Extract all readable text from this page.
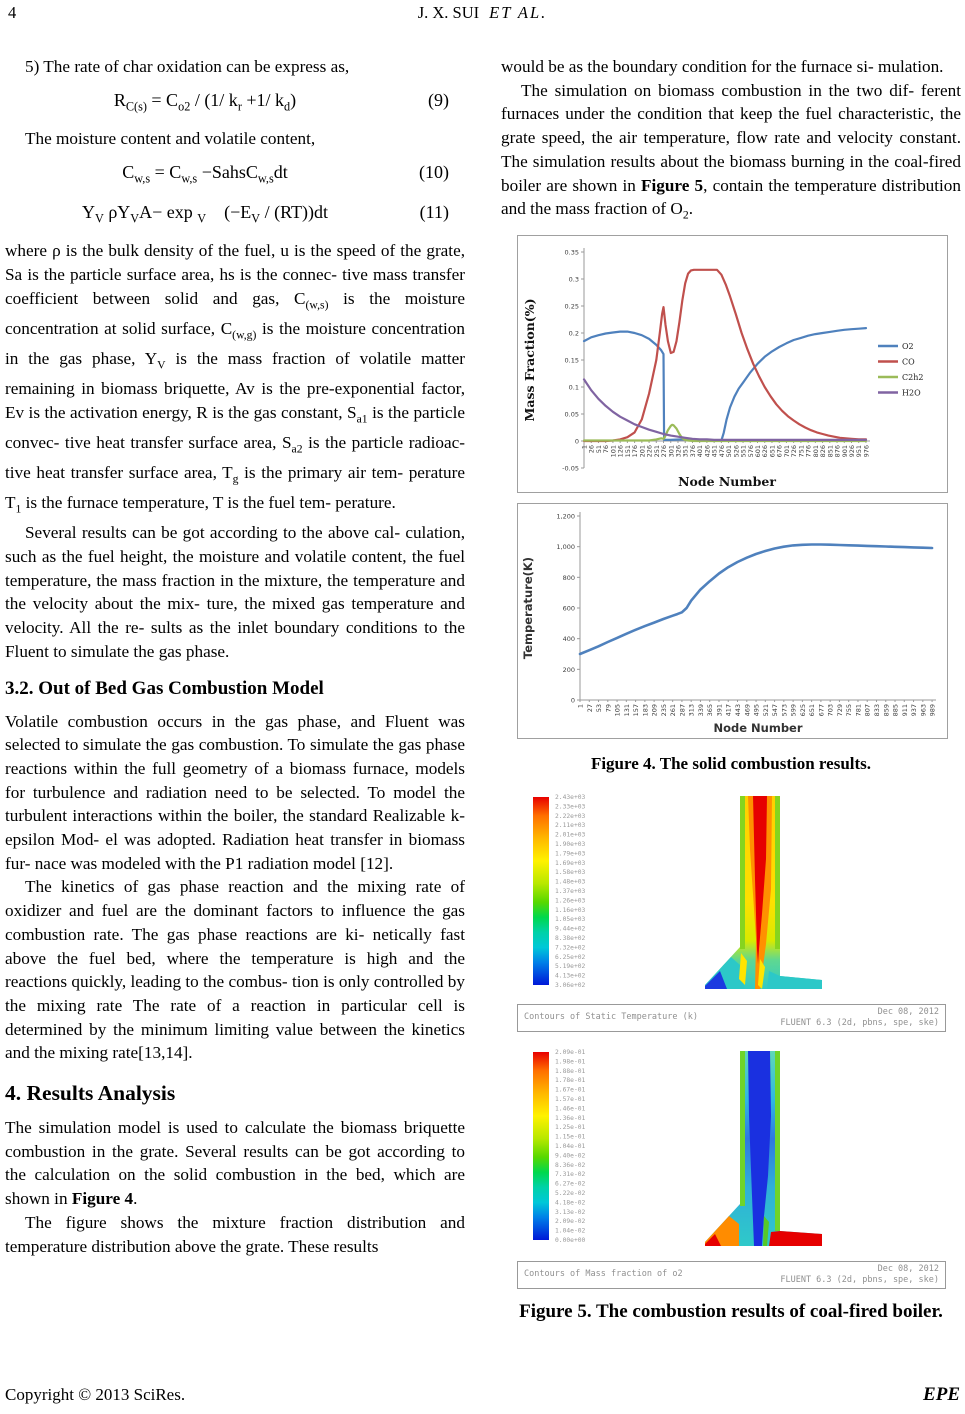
4	J. X. SUI ET AL.

5) The rate of char oxidation can be express as,

$R_{C(s)} = C_{o2} / (1/$ $k_r +1/$ $k_d$)	(9)

The moisture content and volatile content,

$C_{w,s} = C_{w,s}$ −SahsC$_{w,s}$dt	(10)
$Y_V$ $\rho Y_VA- \exp _V$    $(-E_V / (RT))dt$	(11)

where ρ is the bulk density of the fuel, u is the speed of the grate, Sa is the particle surface area, hs is the connec- tive mass transfer coefficient between solid and gas, $C_{(w,s)}$ is the moisture concentration at solid surface, $C_{(w,g)}$ is the moisture concentration in the gas phase, $Y_V$ is the mass fraction of volatile matter remaining in biomass briquette, Av is the pre-exponential factor, Ev is the activation energy, R is the gas constant, $S_{a1}$ is the particle convec- tive heat transfer surface area, $S_{a2}$ is the particle radioac- tive heat transfer surface area, $T_g$ is the primary air tem- perature $T_1$ is the furnace temperature, T is the fuel tem- perature.

Several results can be got according to the above cal- culation, such as the fuel height, the moisture and volatile content, the fuel temperature, the mass fraction in the mixture, the temperature and the velocity about the mix- ture, the mixed gas temperature and velocity. All the re- sults as the inlet boundary conditions to the Fluent to simulate the gas phase.

3.2. Out of Bed Gas Combustion Model

Volatile combustion occurs in the gas phase, and Fluent was selected to simulate the gas combustion. To simulate the gas phase reactions within the full geometry of a biomass furnace, models for turbulence and radiation need to be selected. To model the turbulent interactions within the boiler, the standard Realizable k-epsilon Mod- el was adopted. Radiation heat transfer in biomass fur- nace was modeled with the P1 radiation model [12].

The kinetics of gas phase reaction and the mixing rate of oxidizer and fuel are the dominant factors to influence the gas combustion rate. The gas phase reactions are ki- netically fast above the fuel bed, where the temperature is high and the reactions quickly, leading to the combus- tion is only controlled by the mixing rate The rate of a reaction in particular cell is determined by the minimum limiting value between the kinetics and the mixing rate[13,14].

4. Results Analysis

The simulation model is used to calculate the biomass briquette combustion in the grate. Several results can be got according to the calculation on the solid combustion in the bed, which are shown in Figure 4.

The figure shows the mixture fraction distribution and temperature distribution above the grate. These results

would be as the boundary condition for the furnace si- mulation.

The simulation on biomass combustion in the two dif- ferent furnaces under the condition that keep the fuel characteristic, the grate speed, the air temperature, flow rate and velocity constant. The simulation results about the biomass burning in the coal-fired boiler are shown in Figure 5, contain the temperature distribution and the mass fraction of $O_2$.

0.35
0.3
0.25
0.2
0.15
0.1
0.05
0
-0.05
1 26 51 76 101 126 151 176 201 226 251 276 301 326 351 376 401 426 451 476 501 526 551 576 601 626 651 676 701 726 751 776 801 826 851 876 901 926 951 976
O2
CO
C2h2
H2O
Mass Fraction(%)
Node Number
0
200
400
600
800
1,000
1,200
1 27 53 79 105 131 157 183 209 235 261 287 313 339 365 391 417 443 469 495 521 547 573 599 625 651 677 703 729 755 781 807 833 859 885 911 937 963 989
Temperature(K)
Node Number

Figure 4. The solid combustion results.

2.43e+03
2.33e+03
2.22e+03
2.11e+03
2.01e+03
1.90e+03
1.79e+03
1.69e+03
1.58e+03
1.48e+03
1.37e+03
1.26e+03
1.16e+03
1.05e+03
9.44e+02
8.38e+02
7.32e+02
6.25e+02
5.19e+02
4.13e+02
3.06e+02
Contours of Static Temperature (k)
Dec 08, 2012
FLUENT 6.3 (2d, pbns, spe, ske)
2.09e-01
1.98e-01
1.88e-01
1.78e-01
1.67e-01
1.57e-01
1.46e-01
1.36e-01
1.25e-01
1.15e-01
1.04e-01
9.40e-02
8.36e-02
7.31e-02
6.27e-02
5.22e-02
4.18e-02
3.13e-02
2.09e-02
1.04e-02
0.00e+00
Contours of Mass fraction of o2
Dec 08, 2012
FLUENT 6.3 (2d, pbns, spe, ske)

Figure 5. The combustion results of coal-fired boiler.

Copyright © 2013 SciRes.	EPE
